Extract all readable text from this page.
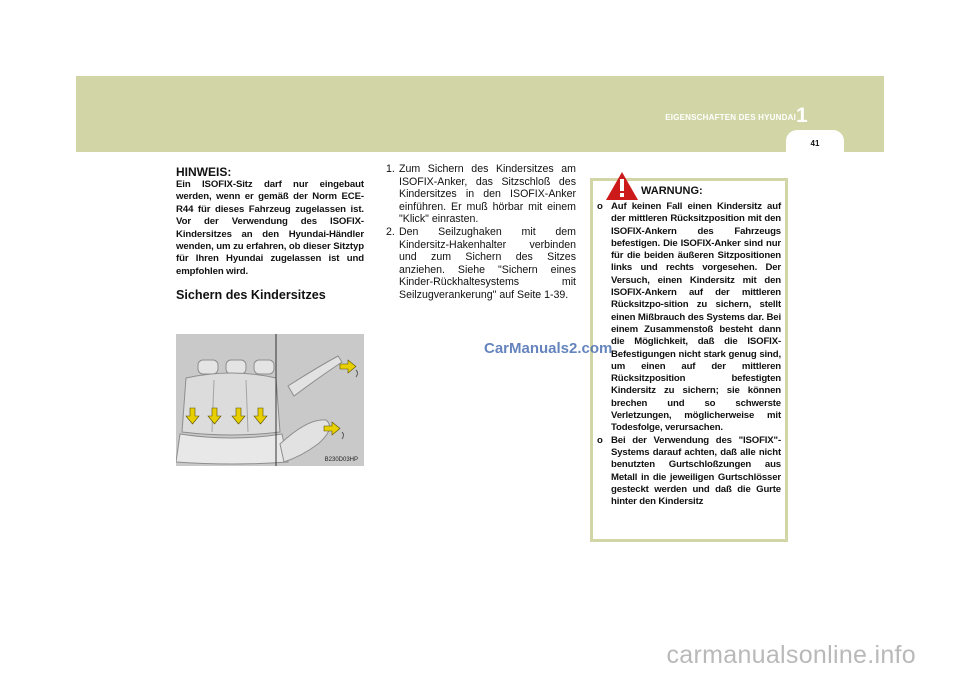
EIGENSCHAFTEN DES HYUNDAI 1
41
HINWEIS:
Ein ISOFIX-Sitz darf nur eingebaut werden, wenn er gemäß der Norm ECE-R44 für dieses Fahrzeug zugelassen ist. Vor der Verwendung des ISOFIX-Kindersitzes an den Hyundai-Händler wenden, um zu erfahren, ob dieser Sitztyp für Ihren Hyundai zugelassen ist und empfohlen wird.
Sichern des Kindersitzes
B230D03HP
1. Zum Sichern des Kindersitzes am ISOFIX-Anker, das Sitzschloß des Kindersitzes in den ISOFIX-Anker einführen. Er muß hörbar mit einem "Klick" einrasten.
2. Den Seilzughaken mit dem Kindersitz-Hakenhalter verbinden und zum Sichern des Sitzes anziehen. Siehe "Sichern eines Kinder-Rückhaltesystems mit Seilzugverankerung" auf Seite 1-39.
WARNUNG:
o Auf keinen Fall einen Kindersitz auf der mittleren Rücksitzposition mit den ISOFIX-Ankern des Fahrzeugs befestigen. Die ISOFIX-Anker sind nur für die beiden äußeren Sitzpositionen links und rechts vorgesehen. Der Versuch, einen Kindersitz mit den ISOFIX-Ankern auf der mittleren Rücksitzpo-sition zu sichern, stellt einen Mißbrauch des Systems dar. Bei einem Zusammenstoß besteht dann die Möglichkeit, daß die ISOFIX-Befestigungen nicht stark genug sind, um einen auf der mittleren Rücksitzposition befestigten Kindersitz zu sichern; sie können brechen und so schwerste Verletzungen, möglicherweise mit Todesfolge, verursachen.
o Bei der Verwendung des "ISOFIX"-Systems darauf achten, daß alle nicht benutzten Gurtschloßzungen aus Metall in die jeweiligen Gurtschlösser gesteckt werden und daß die Gurte hinter den Kindersitz
CarManuals2.com
carmanualsonline.info
